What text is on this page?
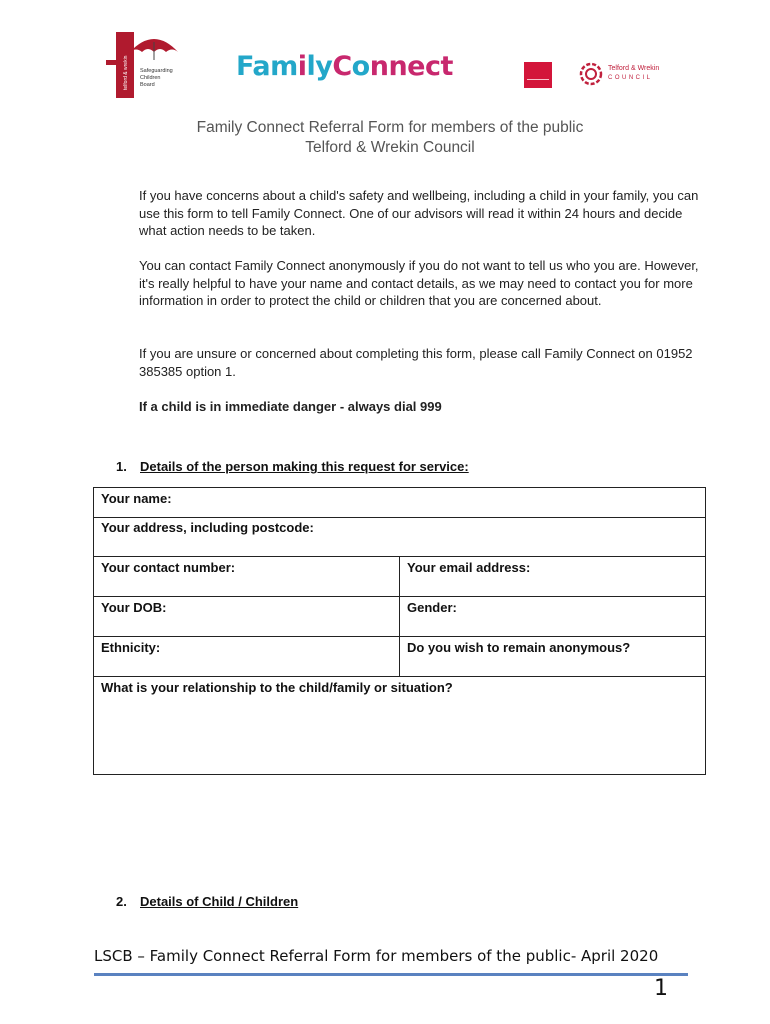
telford & wrekin Safeguarding
Children
Board
FamilyConnect	Telford & Wrekin
COUNCIL
Family Connect Referral Form for members of the public
Telford & Wrekin Council
If you have concerns about a child's safety and wellbeing, including a child in your family, you can use this form to tell Family Connect. One of our advisors will read it within 24 hours and decide what action needs to be taken.
You can contact Family Connect anonymously if you do not want to tell us who you are. However, it's really helpful to have your name and contact details, as we may need to contact you for more information in order to protect the child or children that you are concerned about.
If you are unsure or concerned about completing this form, please call Family Connect on 01952 385385 option 1.
If a child is in immediate danger - always dial 999
1. Details of the person making this request for service:
Your name:
Your address, including postcode:
Your contact number:	Your email address:
Your DOB:	Gender:
Ethnicity:	Do you wish to remain anonymous?
What is your relationship to the child/family or situation?
2. Details of Child / Children
LSCB – Family Connect Referral Form for members of the public- April 2020
1
